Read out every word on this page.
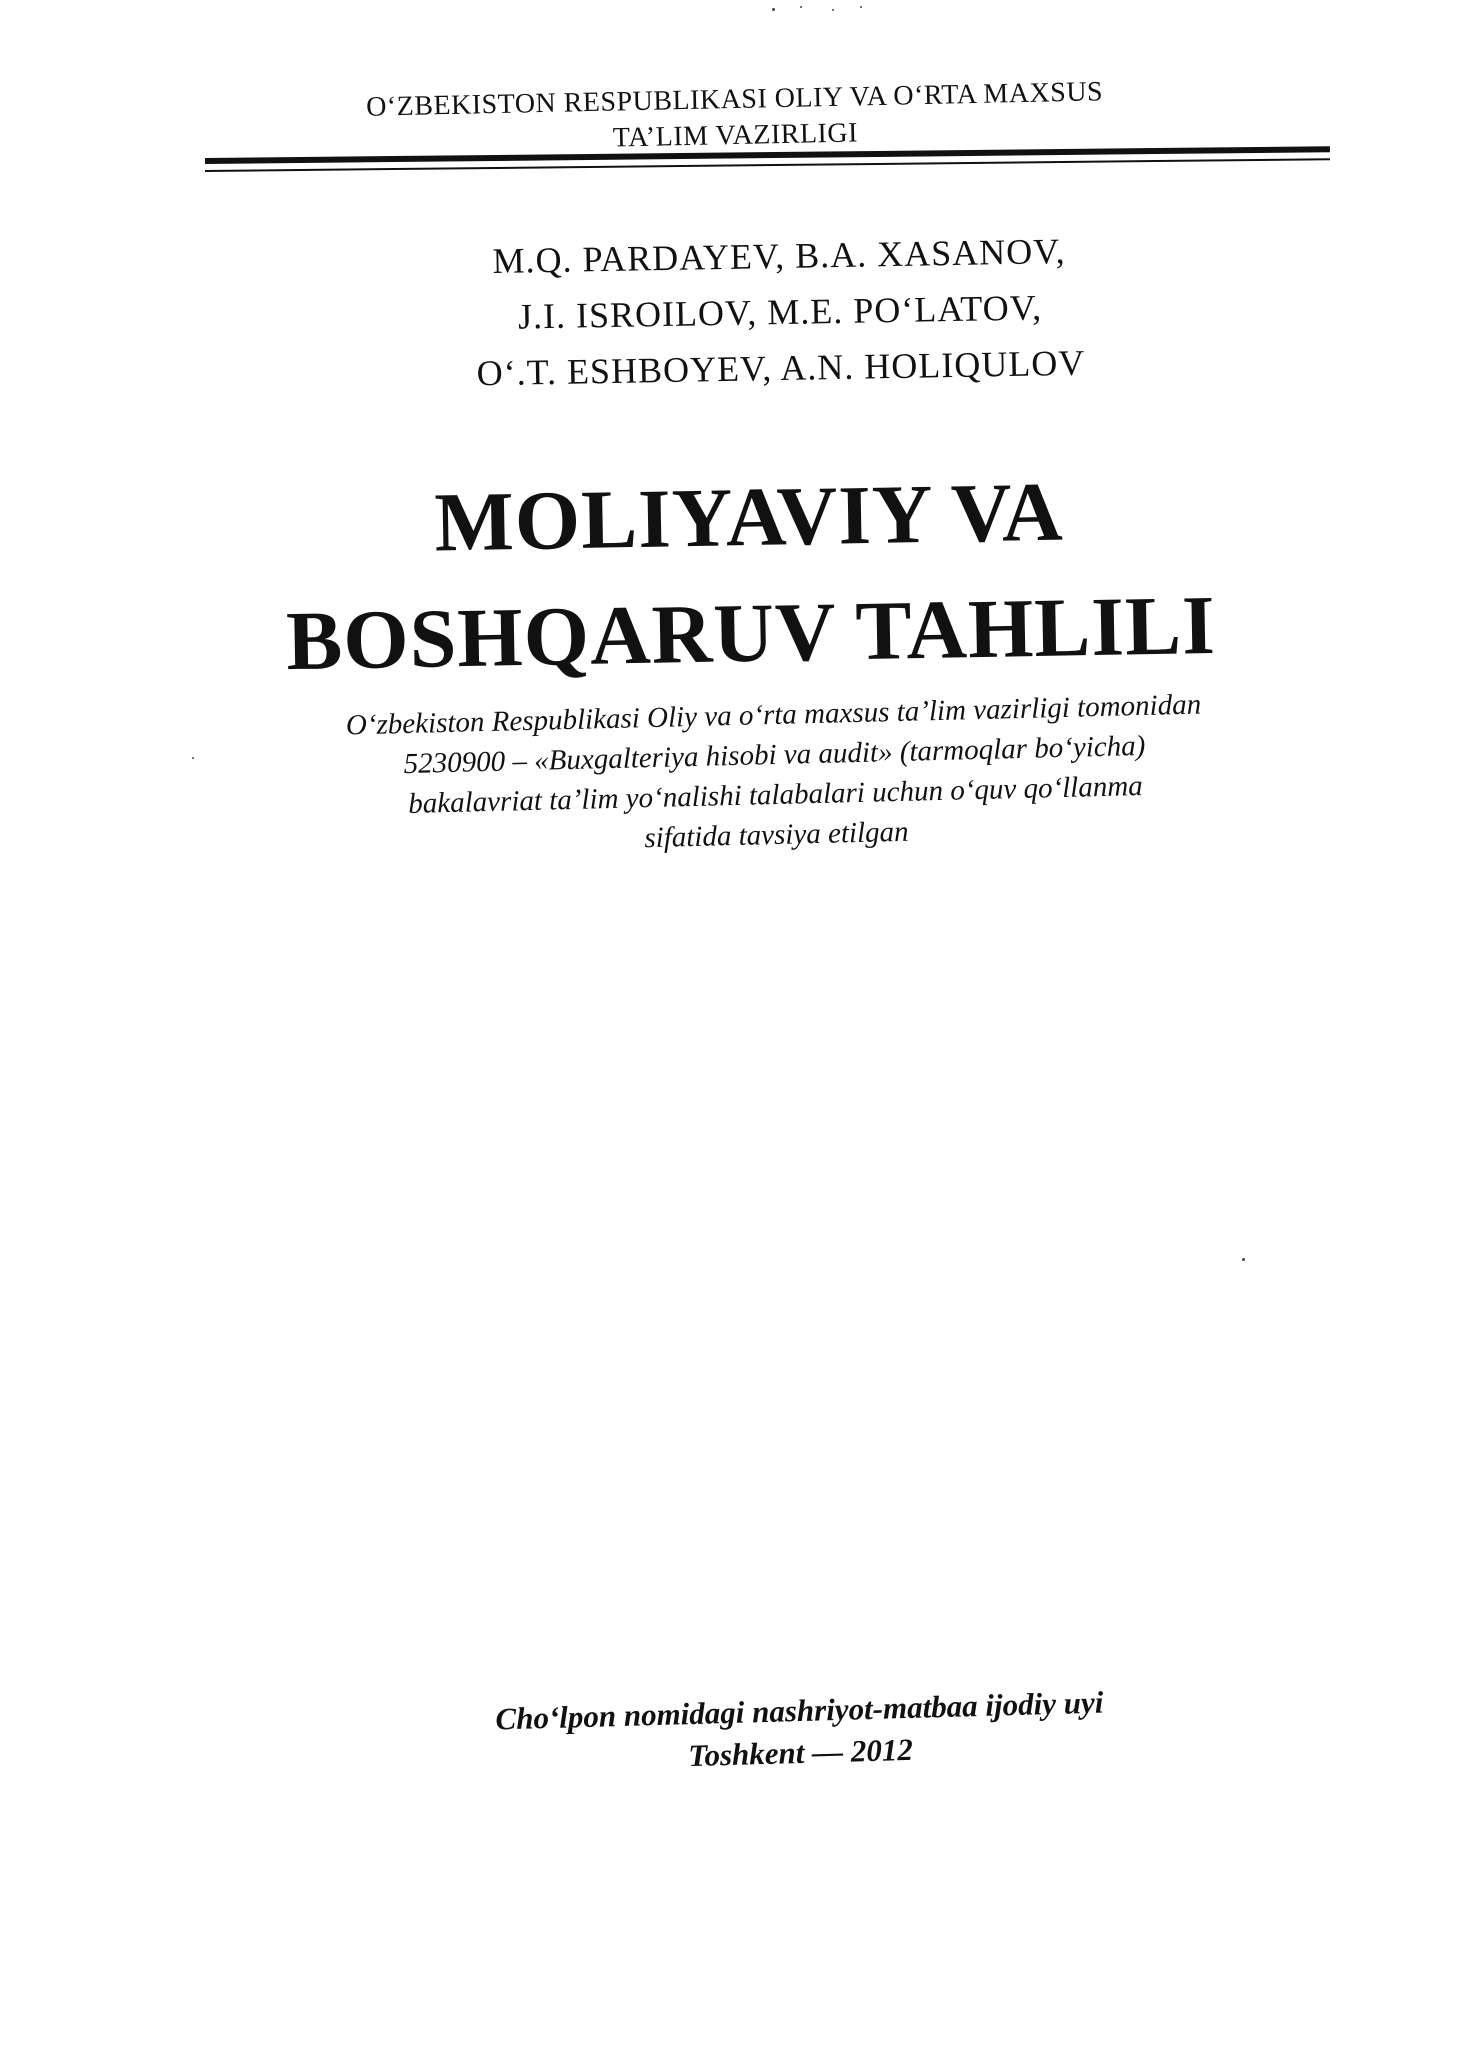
O‘ZBEKISTON RESPUBLIKASI OLIY VA O‘RTA MAXSUS
TA’LIM VAZIRLIGI
M.Q. PARDAYEV, B.A. XASANOV,
J.I. ISROILOV, M.E. PO‘LATOV,
O‘.T. ESHBOYEV, A.N. HOLIQULOV
MOLIYAVIY VA
BOSHQARUV TAHLILI
O‘zbekiston Respublikasi Oliy va o‘rta maxsus ta’lim vazirligi tomonidan
5230900 – «Buxgalteriya hisobi va audit» (tarmoqlar bo‘yicha)
bakalavriat ta’lim yo‘nalishi talabalari uchun o‘quv qo‘llanma
sifatida tavsiya etilgan
Cho‘lpon nomidagi nashriyot-matbaa ijodiy uyi
Toshkent — 2012
